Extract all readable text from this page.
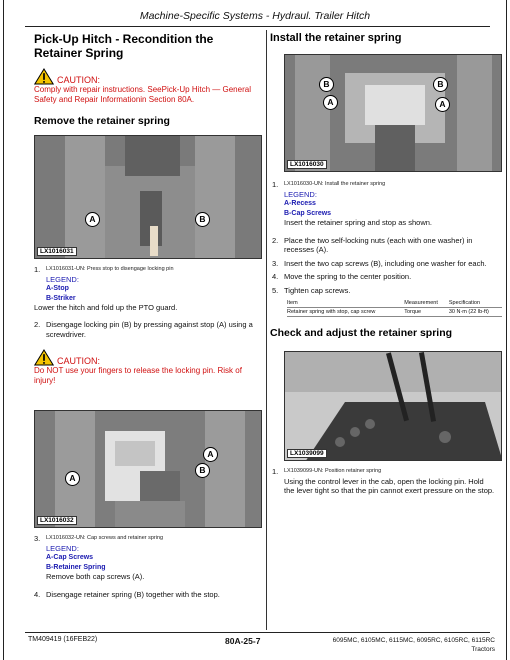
Machine-Specific Systems - Hydraul. Trailer Hitch
Pick-Up Hitch - Recondition the Retainer Spring
CAUTION:
Comply with repair instructions. SeePick-Up Hitch — General Safety and Repair Informationin Section 80A.
Remove the retainer spring
A	B
LX1016031
1.	LX1016031-UN: Press stop to disengage locking pin
LEGEND:
A-Stop
B-Striker
Lower the hitch and fold up the PTO guard.
2. Disengage locking pin (B) by pressing against stop (A) using a screwdriver.
CAUTION:
Do NOT use your fingers to release the locking pin. Risk of injury!
A
A
B
LX1016032
3.	LX1016032-UN: Cap screws and retainer spring
LEGEND:
A-Cap Screws
B-Retainer Spring
Remove both cap screws (A).
4. Disengage retainer spring (B) together with the stop.
Install the retainer spring
B	B
A	A
LX1016030
1.	LX1016030-UN: Install the retainer spring
LEGEND:
A-Recess
B-Cap Screws
Insert the retainer spring and stop as shown.
2. Place the two self-locking nuts (each with one washer) in recesses (A).
3. Insert the two cap screws (B), including one washer for each.
4. Move the spring to the center position.
5. Tighten cap screws.
Item	Measurement	Specification
Retainer spring with stop, cap screw	Torque	30 N·m (22 lb-ft)
Check and adjust the retainer spring
LX1039099
1.	LX1039099-UN: Position retainer spring
Using the control lever in the cab, open the locking pin. Hold the lever tight so that the pin cannot exert pressure on the stop.
TM409419 (16FEB22)	80A-25-7	6095MC, 6105MC, 6115MC, 6095RC, 6105RC, 6115RC
Tractors
